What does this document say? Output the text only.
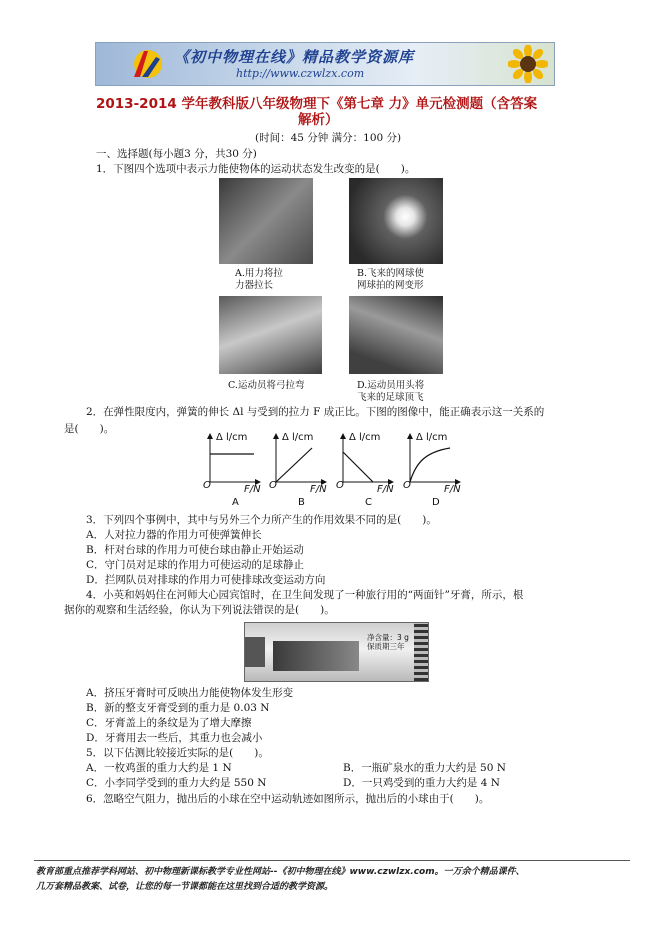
《初中物理在线》精品教学资源库
http://www.czwlzx.com
2013-2014 学年教科版八年级物理下《第七章 力》单元检测题（含答案
解析）
(时间：45 分钟 满分：100 分)
一、选择题(每小题3 分，共30 分)
1．下图四个选项中表示力能使物体的运动状态发生改变的是(　　)。
A.用力将拉
力器拉长
B.飞来的网球使
网球拍的网变形
C.运动员将弓拉弯	D.运动员用头将
飞来的足球顶飞
2．在弹性限度内，弹簧的伸长 Δl 与受到的拉力 F 成正比。下图的图像中，能正确表示这一关系的
是(　　)。
Δ l/cm	Δ l/cm	Δ l/cm	Δ l/cm
O	F/N O	F/N O	F/N O	F/N
A	B	C	D
3．下列四个事例中，其中与另外三个力所产生的作用效果不同的是(　　)。
A．人对拉力器的作用力可使弹簧伸长
B．杆对台球的作用力可使台球由静止开始运动
C．守门员对足球的作用力可使运动的足球静止
D．拦网队员对排球的作用力可使排球改变运动方向
4．小英和妈妈住在河师大心园宾馆时，在卫生间发现了一种旅行用的“两面针”牙膏，所示，根
据你的观察和生活经验，你认为下列说法错误的是(　　)。
净含量：3 g
保质期三年
A．挤压牙膏时可反映出力能使物体发生形变
B．新的整支牙膏受到的重力是 0.03 N
C．牙膏盖上的条纹是为了增大摩擦
D．牙膏用去一些后，其重力也会减小
5．以下估测比较接近实际的是(　　)。
A．一枚鸡蛋的重力大约是 1 N	B．一瓶矿泉水的重力大约是 50 N
C．小李同学受到的重力大约是 550 N	D．一只鸡受到的重力大约是 4 N
6．忽略空气阻力，抛出后的小球在空中运动轨迹如图所示，抛出后的小球由于(　　)。
教育部重点推荐学科网站、初中物理新课标教学专业性网站--《初中物理在线》www.czwlzx.com。一万余个精品课件、
几万套精品教案、试卷，让您的每一节课都能在这里找到合适的教学资源。
